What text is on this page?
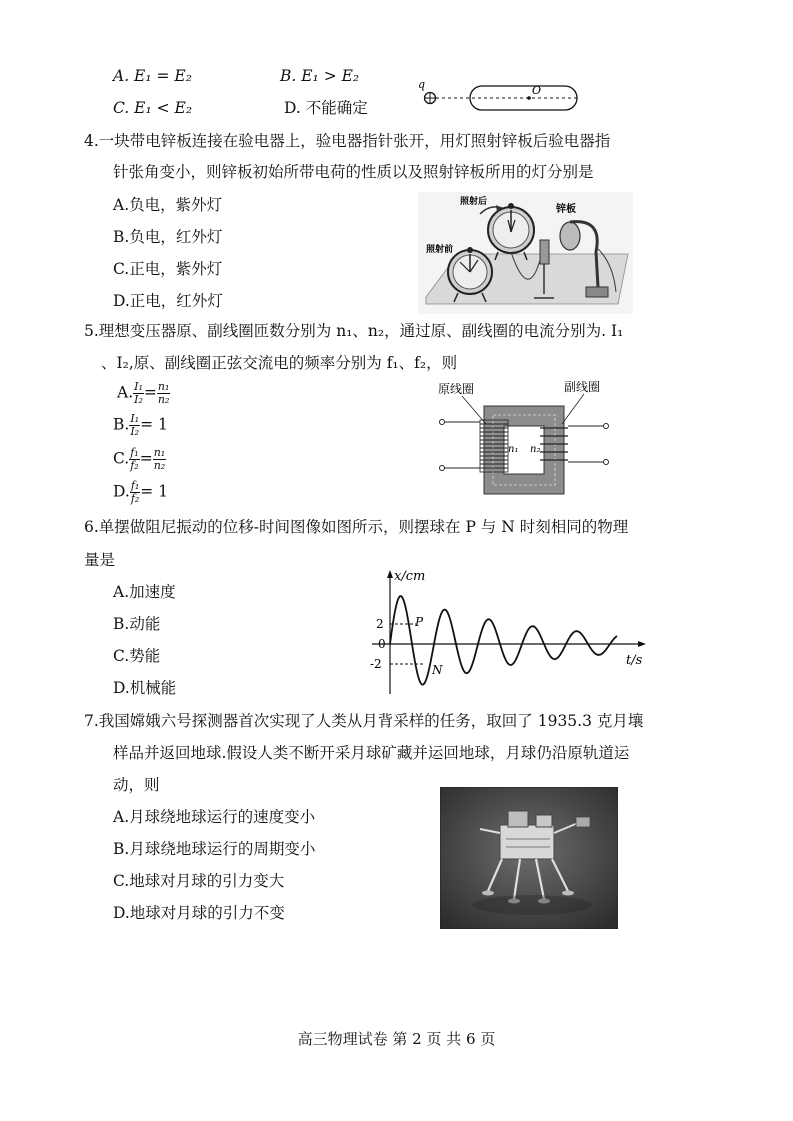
A. E₁ = E₂	B. E₁ > E₂
C. E₁ < E₂	D. 不能确定
q	O
4.一块带电锌板连接在验电器上，验电器指针张开，用灯照射锌板后验电器指
针张角变小，则锌板初始所带电荷的性质以及照射锌板所用的灯分别是
A.负电，紫外灯
B.负电，红外灯
C.正电，紫外灯
D.正电，红外灯
照射前
照射后
锌板
5.理想变压器原、副线圈匝数分别为 n₁、n₂，通过原、副线圈的电流分别为. I₁
、I₂,原、副线圈正弦交流电的频率分别为 f₁、f₂，则
A. $\frac{\text{I₁}}{\text{I₂}} = \frac{\text{n₁}}{\text{n₂}}$
B. $\frac{\text{I₁}}{\text{I₂}} = 1$
C. $\frac{\text{f₁}}{\text{f₂}} = \frac{\text{n₁}}{\text{n₂}}$
D. $\frac{\text{f₁}}{\text{f₂}} = 1$
原线圈	副线圈
n₁ n₂
6.单摆做阻尼振动的位移-时间图像如图所示，则摆球在 P 与 N 时刻相同的物理
量是
A.加速度
B.动能
C.势能
D.机械能
x/cm
t/s
2
0
-2
P
N
7.我国嫦娥六号探测器首次实现了人类从月背采样的任务，取回了 1935.3 克月壤
样品并返回地球.假设人类不断开采月球矿藏并运回地球，月球仍沿原轨道运
动，则
A.月球绕地球运行的速度变小
B.月球绕地球运行的周期变小
C.地球对月球的引力变大
D.地球对月球的引力不变
高三物理试卷 第 2 页 共 6 页
